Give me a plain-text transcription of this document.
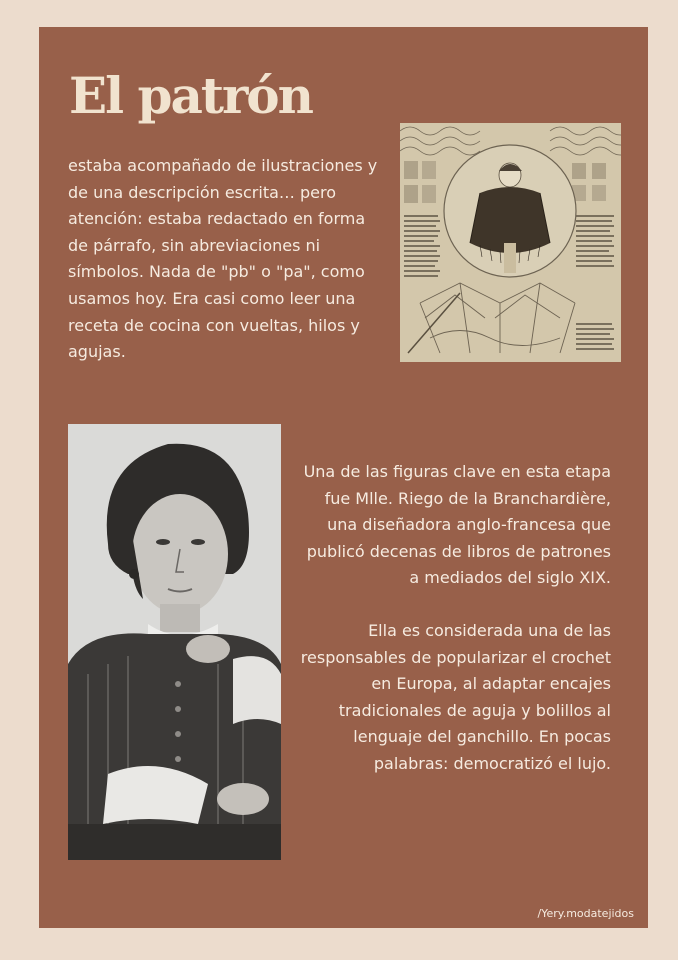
El patrón

estaba acompañado de ilustraciones y de una descripción escrita… pero atención: estaba redactado en forma de párrafo, sin abreviaciones ni símbolos. Nada de "pb" o "pa", como usamos hoy. Era casi como leer una receta de cocina con vueltas, hilos y agujas.

Una de las figuras clave en esta etapa fue Mlle. Riego de la Branchardière, una diseñadora anglo-francesa que publicó decenas de libros de patrones a mediados del siglo XIX.

Ella es considerada una de las responsables de popularizar el crochet en Europa, al adaptar encajes tradicionales de aguja y bolillos al lenguaje del ganchillo. En pocas palabras: democratizó el lujo.

/Yery.modatejidos
